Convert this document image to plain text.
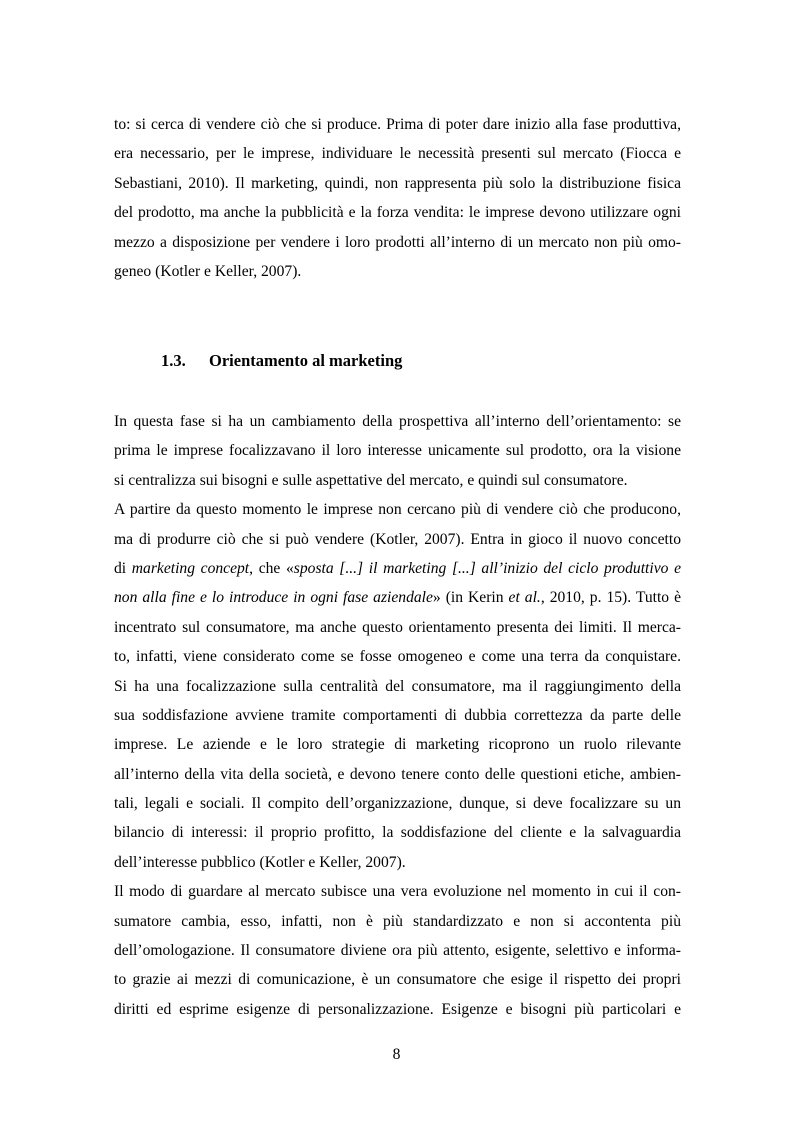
to: si cerca di vendere ciò che si produce. Prima di poter dare inizio alla fase produttiva,
era necessario, per le imprese, individuare le necessità presenti sul mercato (Fiocca e
Sebastiani, 2010). Il marketing, quindi, non rappresenta più solo la distribuzione fisica
del prodotto, ma anche la pubblicità e la forza vendita: le imprese devono utilizzare ogni
mezzo a disposizione per vendere i loro prodotti all’interno di un mercato non più omo-
geneo (Kotler e Keller, 2007).
1.3. Orientamento al marketing
In questa fase si ha un cambiamento della prospettiva all’interno dell’orientamento: se
prima le imprese focalizzavano il loro interesse unicamente sul prodotto, ora la visione
si centralizza sui bisogni e sulle aspettative del mercato, e quindi sul consumatore.
A partire da questo momento le imprese non cercano più di vendere ciò che producono,
ma di produrre ciò che si può vendere (Kotler, 2007). Entra in gioco il nuovo concetto
di marketing concept, che «sposta [...] il marketing [...] all’inizio del ciclo produttivo e
non alla fine e lo introduce in ogni fase aziendale» (in Kerin et al., 2010, p. 15). Tutto è
incentrato sul consumatore, ma anche questo orientamento presenta dei limiti. Il merca-
to, infatti, viene considerato come se fosse omogeneo e come una terra da conquistare.
Si ha una focalizzazione sulla centralità del consumatore, ma il raggiungimento della
sua soddisfazione avviene tramite comportamenti di dubbia correttezza da parte delle
imprese. Le aziende e le loro strategie di marketing ricoprono un ruolo rilevante
all’interno della vita della società, e devono tenere conto delle questioni etiche, ambien-
tali, legali e sociali. Il compito dell’organizzazione, dunque, si deve focalizzare su un
bilancio di interessi: il proprio profitto, la soddisfazione del cliente e la salvaguardia
dell’interesse pubblico (Kotler e Keller, 2007).
Il modo di guardare al mercato subisce una vera evoluzione nel momento in cui il con-
sumatore cambia, esso, infatti, non è più standardizzato e non si accontenta più
dell’omologazione. Il consumatore diviene ora più attento, esigente, selettivo e informa-
to grazie ai mezzi di comunicazione, è un consumatore che esige il rispetto dei propri
diritti ed esprime esigenze di personalizzazione. Esigenze e bisogni più particolari e
8
